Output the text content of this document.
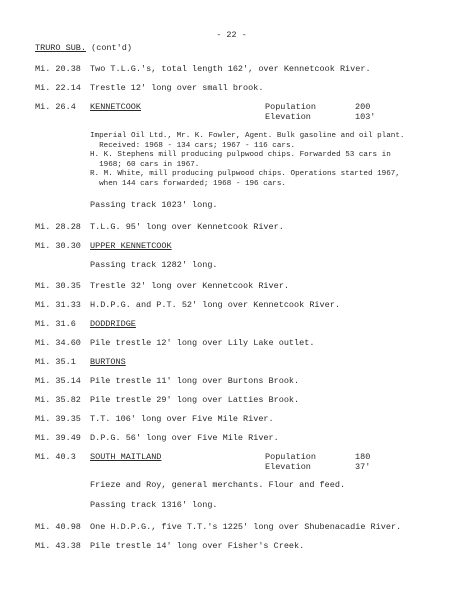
- 22 -
TRURO SUB. (cont'd)
Mi. 20.38 Two T.L.G.'s, total length 162', over Kennetcook River.
Mi. 22.14 Trestle 12' long over small brook.
Mi. 26.4 KENNETCOOK	Population	200
Elevation	103'
Imperial Oil Ltd., Mr. K. Fowler, Agent. Bulk gasoline and oil plant.
Received: 1968 - 134 cars; 1967 - 116 cars.
H. K. Stephens mill producing pulpwood chips. Forwarded 53 cars in
1968; 60 cars in 1967.
R. M. White, mill producing pulpwood chips. Operations started 1967,
when 144 cars forwarded; 1968 - 196 cars.
Passing track 1023' long.
Mi. 28.28 T.L.G. 95' long over Kennetcook River.
Mi. 30.30 UPPER KENNETCOOK
Passing track 1282' long.
Mi. 30.35 Trestle 32' long over Kennetcook River.
Mi. 31.33 H.D.P.G. and P.T. 52' long over Kennetcook River.
Mi. 31.6 DODDRIDGE
Mi. 34.60 Pile trestle 12' long over Lily Lake outlet.
Mi. 35.1 BURTONS
Mi. 35.14 Pile trestle 11' long over Burtons Brook.
Mi. 35.82 Pile trestle 29' long over Latties Brook.
Mi. 39.35 T.T. 106' long over Five Mile River.
Mi. 39.49 D.P.G. 56' long over Five Mile River.
Mi. 40.3 SOUTH MAITLAND	Population	180
Elevation	37'
Frieze and Roy, general merchants. Flour and feed.
Passing track 1316' long.
Mi. 40.98 One H.D.P.G., five T.T.'s 1225' long over Shubenacadie River.
Mi. 43.38 Pile trestle 14' long over Fisher's Creek.
